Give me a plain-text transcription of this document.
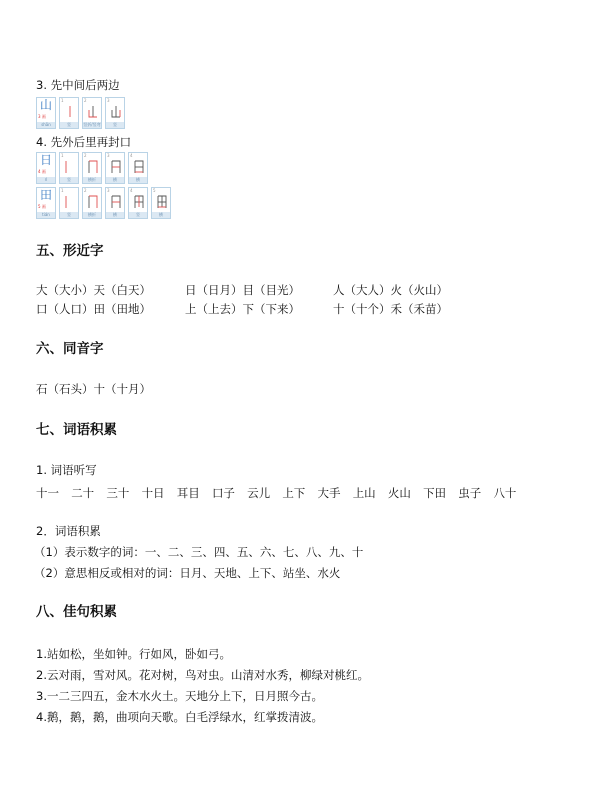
3. 先中间后两边
山
3 画
shān
1
竖
2
竖折/竖弯
3
竖
4. 先外后里再封口
日
4 画
rì
1
竖
2
横折
3
横
4
横
田
5 画
tián
1
竖
2
横折
3
横
4
竖
5
横
五、形近字
大（大小）天（白天）	日（日月）目（目光）	人（大人）火（火山）
口（人口）田（田地）	上（上去）下（下来）	十（十个）禾（禾苗）
六、同音字
石（石头）十（十月）
七、词语积累
1. 词语听写
十一	二十	三十	十日	耳目	口子	云儿	上下	大手	上山	火山	下田	虫子	八十
2．词语积累
（1）表示数字的词：一、二、三、四、五、六、七、八、九、十
（2）意思相反或相对的词：日月、天地、上下、站坐、水火
八、佳句积累
1.站如松，坐如钟。行如风，卧如弓。
2.云对雨，雪对风。花对树，鸟对虫。山清对水秀，柳绿对桃红。
3.一二三四五，金木水火土。天地分上下，日月照今古。
4.鹅，鹅，鹅，曲项向天歌。白毛浮绿水，红掌拨清波。
